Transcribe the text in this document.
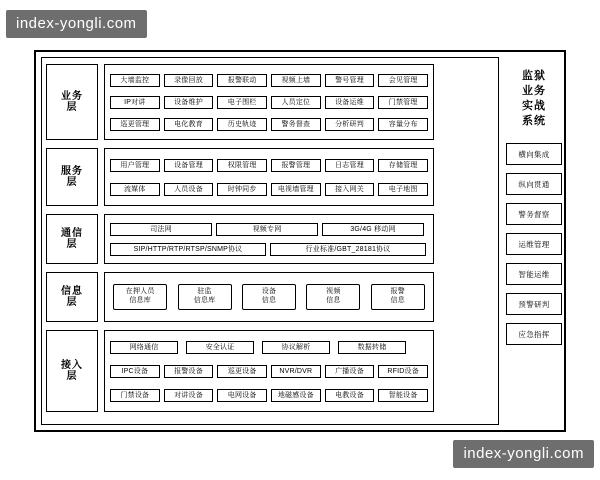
index-yongli.com
index-yongli.com
业务
层
大墙监控	录像回放	报警联动	视频上墙	警号管理	会见管理
IP对讲	设备维护	电子围栏	人员定位	设备运维	门禁管理
巡更管理	电化教育	历史轨迹	警务督查	分析研判	容量分布
服务
层
用户管理	设备管理	权限管理	报警管理	日志管理	存储管理
流媒体	人员设备	时钟同步	电视墙管理	接入网关	电子地图
通信
层
司法网	视频专网	3G/4G 移动网
SIP/HTTP/RTP/RTSP/SNMP协议	行业标准/GBT_28181协议
信息
层
在押人员
信息库
驻监
信息库
设备
信息
视频
信息
报警
信息
接入
层
网络通信	安全认证	协议解析	数据转储
IPC设备	报警设备	巡更设备	NVR/DVR	广播设备	RFID设备
门禁设备	对讲设备	电网设备	地磁感设备	电教设备	智能设备
监狱
业务
实战
系统
横向集成
纵向贯通
警务督察
运维管理
智能运维
预警研判
应急指挥
